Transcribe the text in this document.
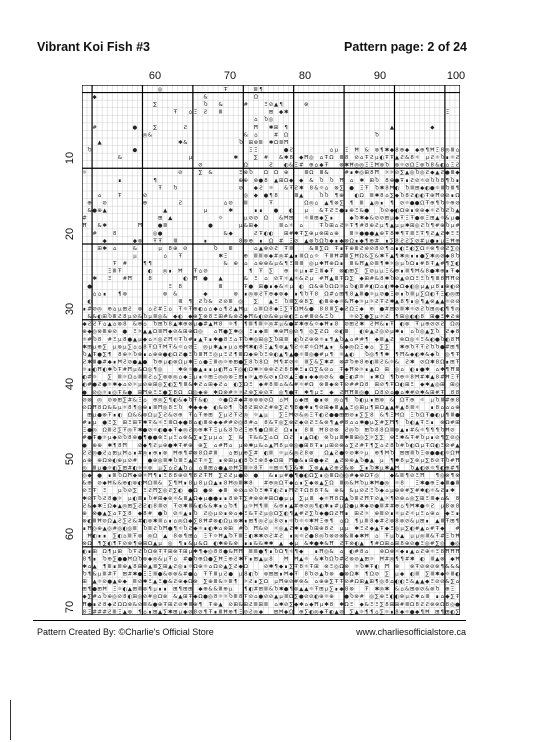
Vibrant Koi Fish #3	Pattern page: 2 of 24
60	70	80	90	100
10
20
30
40
50
60
70
◎	Ŧ	Ⅲ ¶
◆	&	Ω
∑	Ⴆ &	#	Ξ ⊘ ▲ ¶	⊗
Ŧ ⌂ Ξ Ƨ Ⅲ	⊞ ◆ ✱	Ξ
⌂ Ⴆ ◎
#	●	∑	Ƨ	Ħ ✱ ⊞ ¶	▲	◆
◎ &	& ⌂	# Ω	Ⴆ
▲	✱ &	Ⴆ ⊞ ⊗ Ⅲ ✱ Ω Ⅲ Ħ
Ⴆ	●	Ξ Ξ	● Ƨ	⌂ µ Ξ Ħ & ⊗ ¶ ✱ ◆ 8 ⊕ ◆ ◆ ⊕ ¶ Ħ Ξ 8 ◎ Ⅲ ⌂
&	µ	✱	∑ # & ✱ 8 ◆ Ħ ◎ ⌂ Ŧ Ω Ⅲ 8 ⊘ ⌂ Ŧ Ƨ µ ◐ Ŧ Ŧ ▲ Ƨ & 8 ☼ µ Ƨ ☼ Ⴆ ∎ ☼ Ƨ
⊘	Ω	Ƨ ◐ & Ξ # ⊕ ⌂ ◆ Ŧ ⊗ ✱ Ħ ◎ ◎ Ξ Ξ Ħ ⊗ Ⴆ ⊗ ☼ ⊘ Ω Ξ ⊗ Ⴆ 8 & ◐ ⌂ Ξ Ƨ
☼	⊘	∑ &	Ξ ⊗ Ⴆ Ω Ω ⊕	Ⅲ Ω Ⅲ &	# ∎ ✱ ◎ ⊞ 8 Ħ ☼ ☼ ⊘ ∑ ▲ ◎ Ⴆ ◎ Ƨ ◆ ▲ Ƨ ● Ⅲ ◆
∎	¶	⊕ ⊕ ⊗ ● 8 ▲ ⊞ Ω ◆ ◆ & Ⴆ Ⴆ Ħ ⌂ ✱ ⊞ Ⴆ 8 ⊕ ● Ŧ ∎ Ƨ ⊘ ☼ ⊘ Ⴆ Ⴆ 8 ¶ Ⴆ ∎
Ŧ Ⴆ	⊘ ◆ Ƨ ☼ & Ŧ Ƨ ✱ 8 & ☼ ⌂ ⊗ ∑ ● Ξ Ŧ Ⴆ ✱ 8 Ħ ◐ Ⴆ Ⅲ ⊞ ◆ ◐ ● ☼ Ⅲ Ⴆ Ⅲ ¶
⌂	Ŧ	⊘	◎ ◆ ● ¶ 8	Ⅲ ▲	Ⴆ Ⴆ ¶ ⊕ ◐ Ω Ⅲ ✱ 8 ⌂ ∑ ◆ Ⴆ 8 Ƨ ◐ ◐ Ŧ ⊕ Ħ ⊘ ⊘ ∎ Ω
⊕ ⊘	⊕	Ƨ	⌂ ⊘ Ⅲ	Ŧ	Ω ◎ ⌂ ▲ ¶ ⊗ ∑ ¶ Ⅲ ▲ ◎ ∎ ¶ ⊘ ☼ ● ● Ω Ŧ ⊕ ¶ Ⴆ ☼ ⊕ ⊘
& ● ⊕ ▲	▲	µ	✱	∎ ∎ ● ◐ µ & Ŧ Ƨ Ξ ● ∎ ⊕ Ξ & ● Ⴆ ⊘ ◆ ◐ Ω ⊕ ∎ ⊗ ⊕ ◆ ☼ Ƨ Ⴆ Ƨ Ⴆ ▲
#	⊞ ▲	☼	µ ⊘ ⊘ Ω & Ħ ⊞ ☼ Ⅲ ⊞ ◆ ∑ ∎	◆ Ⴆ ✱ ◆ & ⊘ ⊘ ⊞ µ ◆ Ŧ Ξ Ŧ ● ⊗ Ξ ⊞ ▲ ☼ & µ ●
Ħ & ✱	Ħ	● Ⅲ	●	µ & ⊞ ◆	Ⅲ ⌂ ☼ ⌂	Ŧ Ⴆ ⊞ ⌂ Ƨ ☼ Ŧ ¶ # 8 ⊕ Ƨ µ ¶ ▲ µ µ ✱ ⊞ ◎ Ƨ Ⴆ ¶ # ⊕ Ⴆ µ #
#	8	◎ ●	& ◆	Ƨ Ŧ ◐ ◐ ⊞ # ✱ Ŧ ∑ ⊕ µ ⊗ ⊞ ⌂ ⊕ Ⅲ ☼ ● ● ● ▲ ⊕ Ŧ 8 ✱ ¶ Ŧ Ⅲ Ξ Ŧ ¶ Ƨ ▲ Ƨ ✱ Ξ Ξ
◆	◆ ⊗ Ŧ Ŧ Ⅲ	∎	8 ⊗ ⊕ ∎ Ω # Ξ ⊘ ▲ ⊗ Ⴆ Ω Ⴆ ◆ ∎ ◆ ⊗ Ω ∎ ◆ ¶ ⊕ # ∎ ∑ 8 Ƨ Ƨ ∑ ⊘ # µ ● ∎ µ Ξ Ħ ⊕
⊞ ✱ ⌂	&	µ 8 ⊕ ⊘	Ⴆ Ⅲ	⌂ ▲ ⊗ ⊘ Ƨ Ŧ Ⅲ	& Ⅲ ∑ Ω Ŧ ∎ Ŧ ⊕ Ⅲ Ƨ ⊗ ⊘ 8 ⊘ ¶ ⌂ ∎ ◐ Ξ ◐ ∑ Ω ☼ ⊗ ¶ ⊘ Ƨ ∑ ◎
µ	⌂ Ŧ	✱ Ξ	⊕ Ⅲ Ⅲ ⊗ ◆ # ◎ # ▲ ∎ Ⅲ Ω ⌂ ☼ Ŧ Ⅲ Ħ # Ⅲ ∑ Ħ Ω & ∑ & ✱ Ŧ ▲ ¶ ✱ ◎ ∎ ∎ ● ∑ ✱ ◎ ⊘ ◆ 8 Ⴆ
Ŧ #	¶ ¶	& ⊕ ⌂ ⌂ ⊕ ⊕ & µ & ¶ Ξ Ⅲ Ⅲ ◎ µ ✱ Ħ ⊕ Ω ∎ Ⅲ & Ħ ▲ ⊘ Ⅲ ¶ ✱ ☼ ◎ µ Ⴆ Ω ∎ # 8 Ŧ ▲ # ¶ ∑ ◐
Ξ Ⅲ Ŧ	◐ ◎ ∎ Ħ Ŧ ⌂ ⊘	¶ Ŧ ∑ ⊕ ☼ µ ∎ # Ξ Ⅲ ◆ Ŧ ⊗ ◐ ⊞ ∑ ∑ ⊘ µ µ Ξ & ⊕ ∎ Ⅲ ¶ Ħ & 8 ● ✱ ⊕ ∎ Ŧ ◆
✱ Ξ # Ħ	8	◐ Ħ ● ▲	& Ξ ⌂ ⊘ Ŧ ☼ ▲ ☼ & Ƨ µ # Ħ ▲ Ⅲ Ŧ Ω ∑ ◆ ⊞ # & 8 ✱ Ⴆ ⊘ ▲ ⊘ Ω Ξ Ξ Ⴆ ¶ Ⅲ 8 Ħ Ħ ⊘
●	Ξ 8	Ⅲ	Ŧ ● ⊞ ● ∎ ◆ & ☼ µ ◐ Ω & ⊕ Ⴆ Ω Ω ☼ ⌂ Ⴆ ◐ Ⅲ # ◐ Ω ⌂ ◐ ✱ ◆ Ω ◆ ◐ ◎ µ ▲ µ 8 ∎ ⊕ ◐ ⊘
⌂ ⌂ ∎ ¶ ⊗	⊗ &	◆	⊗ ∎ ◎ ⊗ Ƨ Ŧ ⊕ ◆ ⊗ ◆ ∎ ¶ Ⴆ Ŧ 8 Ω # ⌂ ⊞ ¶ 8 ▲ Ⅲ ● ☼ µ ⊘ ● Ξ ⊗ ∎ Ⴆ Ⅲ µ ∑ Ω ◐ Ŧ Ξ ◐ ◎ ⊞
◐	Ⅲ ¶ Ƨ Ⴆ & Ƨ ⊘ Ⅲ ◎ ∑ ▲ Ξ Ⴆ Ⅲ ∑ ⊗ 8 ∑ ◐ Ⅲ ⊕ ◆ ☼ & Ħ ◆ ☼ µ ☼ Ƨ Ŧ Ƨ ✱ ▲ 8 ¶ ∎ ◎ ¶ ▲ ⊗ ▲ ▲ ☼ ⊘ ⊘
∎ # ⊘ ◎ ⊕ ⌂ µ ⊞ Ƨ ⊗ ⌂ Ƨ # Ξ ⌂ Ŧ ☼ Ŧ ⊕ ◐ ⌂ ⌂ ◆ ⌂ ¶ Ƨ ▲ Ħ µ ⌂ Ⅲ Ω 8 ◆ Ξ ∑ Ŧ Ω Ħ & ● 8 8 Ⅲ ∑ ◆ Ƨ Ω Ξ ◆ ⊕ ● # ⊞ ⊘ Ⅲ ✱ ☼ ⊘ Ƨ Ⴆ ⊞ ◎ ◐ ¶ ¶ ◎
& & ◐ ⊞ Ⴆ Ⅲ Ƨ 8 µ ⊘ & Ⴆ µ Ⅲ ◎ & ◆ ◐ ◆ ⊕ ∑ ⊗ 8 Ξ ⊞ # & ⊗ Ƨ ◆ Ħ & ◐ ⊘ & ⊕ µ ⊕ ◐ Ξ ⌂ # Ⅲ ⊘ & Ξ Ⴆ	☼ ⊘ ∑ ● ∑ µ ☼ Ƨ ¶ ⊞ ◎ ◐ ◐ 8 ⊞ ● Ξ ✱ Ƨ ⊕
◆ Ƨ Ƨ Ŧ ⌂ ▲ ⌂ ⊗ 8 & ⊕ ⌂ Ⴆ ⊞ Ⴆ 8 ▲ ✱ ⊕ ⊗ µ ● # ▲ Ħ 8 ☼ ¶ ¶ Ⅲ ¶ Ⅲ ☼ ◎ # µ & ● # ✱ ⊕ & ☼ ◆ Ħ ∎ 8 ⊘ ⊞ Ƨ ✱ Ƨ Ħ & ∎ Ŧ ◐ ⊗ Ŧ µ ⊕ ⊘ ⊘ Ƨ Ω ◎
⊕ ◆ ◎ ⊗ Ⅲ ⊕ ⊘ ● Ξ ☼ ▲ ▲ Ω Ⅲ Ħ ◆ ⊘ & ⊞ ⊕ Ω ◎ ⌂ Ħ ● ∑ ✱ ◎ Ξ ∎ ◆ Ⅲ ✱ ⊕ Ħ ◎ ⊘ ¶ ◎ ∑ Ƨ Ω ⊘ ◐ Ⅲ ◐ ⊕ ▲ Ƨ ◎ ⊘ µ ✱ ∎ ⌂ Ⴆ ◎ ▲ ∑ Ⴆ Ƨ ◆ 8
☼ # Ⴆ 8 # Ξ µ 8 ● ▲ µ ◆ ⌂ ☼ ◎ Ƨ Ħ ☼ Ŧ Ⴆ # ∎ ▲ Ŧ ∎ ✱ ● 8 Ξ ⌂ Ŧ Ⴆ ✱ ◎ ⊞ ◎ ∑ Ⴆ ⊞ Ⅲ ◐ Ⴆ Ƨ ⊕ ⊗ ☼ ∎ ¶ ▲ Ⴆ ▲ ⌂ # # ¶ ◆ Ⅲ ▲ Ƨ ⊗ Ω ◎ ☼ Ξ & ◐ ● Ⴆ ◐ 8 Ħ
✱ ⊞ µ ⊕ ∑ µ ⊗ µ ∑ ⌂ ⌂ 8 Ŧ Ω Ŧ Ħ Ŧ & ☼ ⌂ ⊘ Ξ ◎ µ ✱ ▲ ∎ µ ⌂ ⊕ Ħ ✱ ◐ 8 Ξ ▲ ¶ ⊗ ▲ ¶ Ƨ ☼ # ☼ Ω Ħ ▲ ∎ & ◆ ◎ Ω Ξ ◆ ⌂ ∑ ∑ ✱ ⊕ Ⴆ Ŧ Ŧ Ƨ Ⴆ Ⴆ ● # ⊞ ¶
Ⴆ ▲ Ŧ ● ∑ ¶ 8 ⊕ ☼ Ⴆ ⊗ ∎ ⌂ ⊕ ⊕ ● ◐ Ω Ƨ ● Ξ Ⴆ Ⅲ Ħ Ξ ◎ µ Ξ Ƨ ¶ Ⅲ Ω ◆ ⊕ Ⴆ Ξ ⊗ ◐ ▲ ¶ ▲ ● ☼ Ⅲ ◎ ● # µ ¶ ☼ ▲ ◐ Ⴆ ◎ ¶ ¶ ✱ ¶ Ħ & ◆ ◐ ✱ & ◆ Ⴆ ◎ ¶ Ŧ
Ƨ ✱ Ⅲ ● # ◆ ∎ Ħ Ƨ ⊘ ● ▲ ● Ⴆ ⊕ µ ◐ ⊗ Ω µ ✱ Ξ ⌂ ● Ξ Ⅲ ◎ ☼ ⊕ ⊞ ● ∑ 8 Ⴆ 8 Ω Ħ ¶ # ⊘ ☼ Ⅲ ∑ & ∑ ✱ # ⊗ # Ⴆ ⊕ 8 ⊕ ◐ Ⅲ Ƨ & ☼ & Ƨ ✱ ⊘ Ω ✱ 8 Ω ∎ ⊞ Ŧ
☼ ∎ ◐ Ħ ◐ ✱ Ⴆ Ŧ # Ħ µ & Ω ◎ ¶ ◎	✱ ⊗ ☼ ● ▲ ∎ ∎ µ ◐ Ħ ⌂ Ŧ ◎ ◐ Ω ✱ ☼ ⊗ ⊗ Ƨ Ƨ 8 8 ✱ Ξ ∎ Ω ∑ & ⊘ ⌂ Ŧ ◆ Ħ ⊗ ☼ ∎ ▲ Ω ⊞ ◎ ⌂ ◐ ∎ ● ✱ ⌂ ✱ ¶ Ħ Ⅲ
◐ # ☼ ∑ Ⅲ ☼ Ω ⌂ Ⅲ Ⅲ Ƨ ⌂ ∑ ⊗ ⊗ ◎ ⌂ ◆ Ξ µ ∎ ☼ ⊞ Ξ ◎ ◎ ⊗ Ξ ⊞ ∎ ☼ ▲ ⊕ & ⊘ ∎ Ω ⊘ ▲ Ξ ● ∎ ◆ ◆ ◎ ⊘ & ● Ξ ◐ # ☼ ∎ ✱ Ω ¶ Ⴆ ⊕ ☼ 8 Ħ # ✱ ▲ 8 # Ħ Ξ Ŧ
◐ # ● Ƨ ● ☼ ✱ ◆ ⌂ ⊘ ☼ µ ⊘ ⊕ ⊞ ◎ ∑ ◐ ∑ ¶ Ⅲ & ✱ Ƨ ⌂ ⊞ ◆ Ƨ ⌂ ◐ ∑ Ω Ξ ◆ # 8 Ⅲ ⌂ & & # ☼ # Ω ⊗ Ⅲ ◆ ⊗ Ŧ ⊘ # # Ω 8 ⊞ ⊘ ¶ Ŧ Ω ◐ ⊞ Ξ ◆ ✱ ▲ ◎ ⊞ ⊞ ◎
● ⊘ ◎ ☼ ∎ ◎ Ŧ & ● ⊞ Ħ ⊕ Ξ Ξ ● ∑ 8 Ω Ω ◎ ◆ ⊕ ✱ Ω ⊗ # ☼ ☼ Ƨ ⊗ ∑ ⊕ ⊘ Ŧ ◎ ¶ ● Ŧ ✱ ¶ µ Ξ ◆ Ƨ Ħ Ħ Ⅲ ◎ ● Ω 8 ⊘ ⌂ ● ⌂ ✱ # ⊘ ✱ & ⊞ # Ŧ 8 8
⊘ ⊗ ◎ ⊘ ⊗ ⊞ ∑ # & Ξ ⌂ ⊕ ◎ ∑ ¶ ◐ & ◆ Ⴆ Ŧ & ◐ ☼ ● Ω # ◆ # ⊗ ⊗ ⊗ ⊘ Ω ⌂ Ħ ⌂ ◆ ⊞ ● ∎ ⊗ ◎ ⌂ ¶ Ⴆ ◐ µ ∎ ⊞ ⊗ & Ω Ŧ ⊕ ☼ µ Ⴆ Ⅲ # ⊕ 8
⊘ Ω Ħ 8 Ω & & µ ☼ 8 ¶ ◎ ⊕ ∎ Ⅲ Ħ ◎ 8 Ξ Ⴆ ✱ ◆ ◆ ◆ ◐ & ⊘ ¶ Ⴆ 8 Ƨ ⊞ ⊘ Ƨ # ⊗ ∑ Ƨ ¶ 8 ● ✱ ∎ ¶ ⊘ ⊞ ◆ Ⅲ ▲ ▲ Ξ ◎ ⊞ µ ¶ ⊞ Ω ▲ ▲ # ▲ 8 Ⅲ ☼ ∎ 8 ⌂ ⌂ ⌂ ⊕
⊞ µ ● ⊗ Ŧ ∎ ◐ Ω & & ⊗ Ω µ ∑ Ƨ & ⊘ ⊕ Ŧ ⌂ Ŧ ⊕ ⊞ ∑ µ Ƨ Ŧ Ƨ ◎ ☼ ▲ µ ∑ Ξ Ħ ⊘ & ◎ Ξ Ŧ ◐ Ƨ ● ● ⊞ ⊞ ⊘ ∎ ∑ ∑ 8 & ¶ Ξ Ħ Ω Ξ Ⴆ Ω Ŧ ● ◐ µ ¶ Ⅲ ●
# ∎ µ ● Ξ ∑ ⊞ Ξ ⊞ Ŧ ✱ Ŧ & ☼ Ξ Ⅲ Ω ◆ ● 8 ⌂ ◐ Ⅲ ⊗ ◆ ◆ # # ⊘ ◎ 8 # ⌂ 8 & Ŧ ◎ ∑ ⊗ Ƨ ◆ ⊘ Ƨ Ξ & ⊗ ¶ ▲ # 8 ⌂ ⌂ ✱ ● µ ∑ # ∑ Ħ ¶ Ⴆ ◐ ▲ Ŧ Ξ ∎ ⊗ Ω # ⊞
Ξ ● ◎ Ω Ⅲ Ƨ ∑ Ŧ ◎ Ŧ ✱ ● ⊘ ☼ ◐ ● ◆ Ŧ ◆ ◎ Ƨ ◎ ⊕ ✱ Ŧ Ξ µ & 8 Ⴆ Ƨ Ξ ⊕ ¶ ● Ω Ⅲ Ƨ Ω ∎ ∎ 8 Ⅲ Ħ 8 ⊘ ⊗ Ƨ ◎ Ⴆ ⊞ Ⴆ 8 8 Ω Ⅲ ⊗ ▲ ∎ # & ☼ ¶ ¶ ¶ Ⴆ Ħ ⊘
# ● Ŧ ● ☼ µ ◆ ⊘ Ⴆ 8 ⊗ ● ¶ ● ● ⊗ Ξ µ Ξ ⌂ ⊗ & ∑ ∎ ∑ µ µ ⌂ ∑ & Ŧ & & ∑ ⌂ Ω Ω Ƨ ∎ ▲ Ω ◐ ⊗ Ⴆ µ Ⅲ ✱ Ⅲ ⊞ ◎ ∑ ☼ ∑ ∑ ⊕ Ξ ✱ & Ŧ # Ⴆ µ ∎ ⊘ ¶ ∑ ⊘ ◎
● ⊕ ⊕ ✱ ¶ 8 Ħ ⊘ ◆ ¶ Ƨ µ ⊕ ● ✱ Ŧ # ⊕ ⊕ ∑ ⌂ # Ħ ⌂ µ ⊗ ✱ µ & ⌂ ▲ Ħ 8 µ ⊗ ◎ ● ⊞ 8 Ŧ ∎ µ ⊞ ⊘ ⊗ ⌂ ∑ Ƨ # Ŧ ¶ ∑ ⌂ Ƨ 8 Ⴆ # Ⴆ ◐ Ω µ Ŧ Ω ◐ Ξ ⊘ # ▲
Ƨ Ƨ ◎ ● Ƨ ⌂ ⊞ µ Ħ ⌂ ∎ # ◎ ∎ ⊕ ∎ ⊗ Ħ ⊕ ¶ # ⊗ 8 Ω # Ⅲ ⌂ ⊞ µ ⊕ ∑ # ◐ Ⅲ ☼ µ & ◎ Ƨ 8 ⊗ Ω ▲ Ƨ ● ☼ ⊘ ✱ ☼ µ ⊕ ¶ Ħ Ⴆ ⊞ ⊞ Ⅲ Ⴆ Ξ ⊗ ● ● ◐ ☼ Ω Ħ
⌂ ⊕ ⊕ Ω ⊗ ◐ ⊕ µ ⊘ # ● ⊕ ◎ Ⅲ ✱ Ⴆ Ⅲ Ξ ▲ Ƨ Ŧ ☼ ∑ ∎ ⊗ ⊞ µ ◐ 8 Ⴆ Ξ ⊗ 8 ◆ Ω ⊞ Ħ ● & ∎ ⊞ ● ◆ Ƨ ▲ Ƨ ⊗ ⊕ ▲ Ⴆ ● ▲ µ ¶ ✱ 8 µ ∑ ⊗ µ ∑ 8 ⊘ Ŧ Ⴆ # Ħ
◎ Ⅲ µ ● ☼ ◐ ∑ ⊞ # ◐ ☼ ☼ ⊗ µ ∑ ⌂ Ƨ ▲ Ⴆ ⌂ ⌂ Ⅲ ⊞ ⌂ ● ▲ ⊘ Ħ ∑ Ⅲ ☼ 8 Ŧ ☼ ⊞ ☼ ¶ ∑ & ✱ ∑ ⊗ ▲ ▲ Ƨ ⊕ Ƨ & ⊗ ∑ ∎ Ⴆ ✱ µ ✱ ▲ Ħ Ⴆ ▲ ◐ ⊗ ☼ ¶ ◐ ⊕ # ¶
◎ ◆ ● ∎ Ⅲ Ⴆ Ω Ħ ◆ ⊕ ☼ Ħ ¶ ∎ Ξ 8 8 ⊕ ⊘ ¶ 8 Ƨ Ŧ Ħ ∑ Ƨ Ƨ µ ● ⊘ ● & ∎ µ # ● ¶ ● ◐ Ω ∑ ∎ ◎ Ⅲ Ω ◎ ◎ # ◆ ⊗ Ω Ŧ ◎ ◆ & Ⅲ ¶ ⊘ Ξ Ħ ¶ ◎ ⊗ ¶ ⊗
& ⊕ ⊘ ◆ Ħ & & ⊕ ◐ ⊗ ◐ Ħ Ω Ⅲ & ∑ ¶ Ħ ∎ 8 µ 8 µ Ω ▲ ∎ 8 Ħ ◎ Ⅲ ✱ 8 # ⊕ ◎ Ω Ŧ ◆ ⌂ ∎ ∑ ◆ ⊗ ▲ ∑ Ω Ⅲ ◎ & Ħ Ⴆ µ ✱ Ħ ● ◎ ☼ 8 Ξ ✱ ● ⊕ Ξ ◆ Ⅲ ● Ⅲ
⊘ Ξ Ŧ Ξ µ Ⴆ ⊘ ∑ Ξ Ƨ Ħ ∑ ◎ Ƨ ∑ ◐ ● Ω ● ⊗ ◆ Ⅲ ⊗ ⊘ ⌂ ⊘ Ⴆ Ξ ✱ Ŧ ◐ Ƨ ∎ Ħ Ƨ Ŧ Ω 8 8 Ŧ & ⊕ & & µ ⊘ Ƨ Ξ Ⴆ ◆ ⌂ µ ⊕ ⊗ # ∑ # ✱ ◐ ☼ & Ƨ ∎ ✱
✱ ⊘ Ŧ Ⴆ Ƨ 8 ● ☼ µ ◐ Ⅲ ∎ Ⴆ # ⊞ ◆ ⊗ ☼ & Ⅲ ▲ Ω ◆ µ ● ● ∎ ∎ 8 ⊗ Ŧ ∑ # ⊗ ⊗ # ⊞ Ω ● µ µ ∑ µ Ⅲ ◆ ☼ Ħ 8 Ω ▲ Ⴆ Ⅲ Ƨ Ħ Ŧ ⊘ ▲ ☼ ¶ ⊘ ⊕ ⌂ ◎ ∑ ⊞ Ξ Ⅲ ◆ ⌂ & 8
Ƨ & ◆ ✱ Ξ Ω ◆ ▲ ◎ ⊞ ∑ Ƨ Ƨ ◐ 8 Ⅲ ⊘ Ŧ ⊘ ✱ Ⅲ & ◐ & & ✱ ∎ ⌂ Ⴆ ¶ µ ☼ Ħ ¶ Ⅲ & ⊕ ∎ ▲ # ⊕ ⊘ ◎ ¶ ◐ ✱ ∎ # µ Ω ● µ ✱ ◆ ⊘ ● Ⅲ # # ⊕ ⌂ ¶ Ħ ✱ ● ☼ Ƨ µ 8 ⊗ 8
⊕ ⊗ ● ▲ ∑ ⌂ Ŧ ∑ 8 ◆ 8 # ● Ⴆ ⊘ ☼ ▲ ∎ Ⴆ Ƨ ◎ µ ⊘ ∎ ⊗ ⌂ ◆ Ξ & Ŧ Ƨ µ ◎ Ω ∑ ◐ ¶ ▲ # Ƨ ∑ Ⴆ ◆ ● Ω Ƨ Ħ ∎ ⊞ Ƨ ☼ ⊕ Ⅲ ⊘ ∎ ☼ µ Ƨ ☼ µ Ξ ⌂ ⊕ ⌂ ◆ Ξ ∎
⊗ ◐ Ⅲ Ħ ⊘ Ω ▲ Ƨ ∑ Ƨ & # ◐ ⊗ ✱ Ⅲ ⌂ ∎ ⌂ ◎ Ω ◆ ∑ 8 Ħ # ⊗ ◐ Ω µ ⊗ ✱ ∎ ⊞ ¶ ◎ Ƨ µ 8 ⊘ ∎ ☼ Ⴆ ☼ ☼ ✱ Ħ Ξ ⊕ ¶ ⌂ Ω ¶ µ Ⅲ 8 ◆ # Ƨ ⊗ 8 ⊗ ⊘ & µ ⊞ ∎ ▲ Ⅲ Ŧ ⊞ ¶
∎ Ħ ◎ ⊕ ▲ ◎ # ◎ ◐ ◎ Ⅲ Ⴆ Ⅲ Ƨ Ⴆ Ħ ● ¶ ☼ Ⴆ Ƨ ◆ ☼ ∎ ◐ ✱ ⌂ ⊗ ⊞ # Ⴆ Ħ & ⊘ ☼ ◎ ▲ Ƨ ✱ ∎ ● Ⴆ ⊞ ⊕ 8 Ƨ µ µ ✱ Ξ Ƨ ◆ ▲ Ŧ ◆ Ξ ◎ µ ∑ ◐ # ▲ ⌂ # Ŧ ◆ #
Ħ ◐ ∎ ∎ ∑ ◐ ⌂ Ⅲ Ŧ ⊗ ◎ Ω ▲ 8 ⊗ ¶ ⊞ ⌂ Ξ Ŧ ☼ Ħ ▲ Ⴆ Ŧ Ⅲ Ξ ◐ ✱ ✱ ⊘ Ƨ # Ƨ ∎ ◎ ☼ Ƨ ● 8 ◎ Ⴆ ⊗ ⊘ ⊗ & Ⅲ ◆ ✱ Ħ ⌂ Ŧ µ Ⴆ ▲ µ µ ◎ Ⅲ & Ŧ # Ξ Ⴆ Ħ
⊗ Ω ¶ ∑ ◐ ¶ Ŧ ⊘ ⊗ ¶ ⊕ ⊞ Ω ▲ µ ◎ ¶ ∎ & µ & Ω ◐ ✱ ⊕ & ⊗ ∎ ∎ & & ✱ ✱ ▲ ◆ µ & ✱ ● ✱ & Ħ Ƨ Ŧ ⊗ ◐ ▲ ¶ # Ω ⊞ ⌂ ⊞ 8 ⊕ ⊘ ● Ξ ◎ # ∑ ◎ ● ◎
◐ ∎ ⊞ Ω ¶ µ ⊞ Ⴆ Ŧ Ƨ Ⴆ Ω ⊗ Ŧ Ŧ ⊞ ⊗ Ŧ ⊞ µ ✱ ¶ ◆ ◎ 8 8 ● & Ħ Ħ Ⅲ Ⅲ ● ¶ ∎ Ⴆ Ω ¶ ☼ ¶ ◆ ∎ Ħ ◎ & ⌂ ◐ # 8 ⌂ ⊗ Ω ⊗ ☼ ◆ ∎ ▲ ⌂ Ƨ ⊕ ☼ Ξ 8 Ħ Ħ Ħ
8 ¶ ∎ Ⴆ ⊕ ∑ ● ● Ħ Ω Ⴆ ⊗ ◆ ◎ & µ Ŧ ⌂ # ● Ⴆ ⊕ Ω ● ∑ Ħ Ξ ⊕ Ƨ ✱ Ŧ ∎ ⊞ ▲ µ 8 Ħ Ħ ▲ ☼ & ✱ Ⴆ Ω Ⴆ # Ƨ ⊗ ⊘ ▲ ⊞ ☼ Ħ # ◎ ¶ ¶ # ✱ ◐ Ⅲ ▲ ⊗ ◆ Ħ
✱ ⌂ ▲ ¶ Ⅲ ∎ Ⅲ ⊕ ▲ 8 ⊞ ⊕ ▲ Ⅲ ∑ ⊞ ▲ Ƨ ◎ ∎ ☼ Ω ⊕ ☼ ⌂ Ω ⊘ ▲ ∑ Ƨ ◆ Ω	⊘ ✱ ¶ ◆ ∎ ∑ Ŧ 8 ☼ Ŧ ⊞ ⊗ Ξ ◎ Ω ⊗ ☼ Ⴆ ✱ Ŧ ◐ Ħ ⊗ ⊗ Ŧ ⊘ ⊗ ⊘ ⊗ ¶ & & &
Ⴆ ¶ & µ Ⅲ # Ŧ ⊞ # ✱ ● Ξ Ξ Ⅲ ● & ⊗ ⊗ & # ● ⌂ Ŧ Ŧ Ⅲ µ Ƨ ● µ 8 ◐ Ⴆ ⊗ ⊞ ⊞ ∎ Ħ ◆ Ŧ 8 Ⴆ ⊘ ▲ Ⴆ ⊗ ● ⊗ Ω ✱ ¶ Ω ⊘ ∑ µ ◆ ◐ Ⅲ ∑ Ⅲ ✱ ◆ ☼ Ⅲ ◐
⊞ ▲ ☼ ⊘ ● ▲ ⊕ ◆ Ⅲ ⊘ ✱ Ξ ▲ Ξ ● & Ƨ ⊕ ◆ Ω ⊗ ∑ ⊕ Ⅲ & ☼ Ⅲ ¶ ☼ Ƨ ∎ ∑ Ω µ Ħ ⊕ ⊘ # ⊗ & ⌂ ⊕ ⊕ ∑ Ŧ Ŧ ⊘ # Ω ⊞ ▲ ⊞ ¶ ◎ 8 ⌂ ◐ ◐ Ξ & ▲ ▲ ◆ Ξ ⊘ ⊘ & ∑ ⌂
⊞ ¶ ● ⊞ Ħ Ξ ☼ ◐ ▲ ⊞ Ⅲ ⊗ ¶ µ ∎ ∎ ⊞ ¶ ⊞ ⊞ ◆ ⊕ & & Ⅲ ⊕ µ ¶ ◐ # ⊞ Ⅲ & Ⴆ ✱ ● ¶ ⊗ ▲ ▲ ☼ Ŧ ⊞ µ ∑ ∎ ◆ 8 ⊗ Ŧ ✱ ◎ ✱ & ⌂ & ⊞ ⊗ ⊘ & ⊗ Ⴆ ⊕ Ξ
◆ ∑ # ⌂ Ⴆ ⊕ ◎ ⊘ 8 ◐ ⊞ ◎ ⊘ # ◎ Ω ⊗ & ▲ ⊞ Ŧ ◆ Ω ● ◎ 8 ☼ ☼ Ⴆ Ⅲ 8 Ŧ ⊘ ⌂ ● ⊘ ⊘ ▲ µ Ⅲ Ω ∑ ● ⊘ ⊘ ◐ ⊕ ☼ ⊕ ● Ⴆ ⊗ # ◎ ∑ ⊕ Ξ ◐ ◐ ⊗ µ Ƨ ✱ ⌂ Ⅲ ∎ ⌂ ◆ ∑ Ŧ
Ħ ● ∎ Ƨ 8 ◆ Ƨ Ω Ω ⊗ & ⊘ Ⅲ & ● ⊕ Ŧ ⊞ Ƨ ⊘ ✱ Ⅲ ⊕ ¶ Ŧ ⊕ ▲ ⊘ ⊞ & ⊞ Ƨ Ⅲ ⊞ Ⅲ ⌂ ✱ ⊘ ∑ ◆ ✱ ⌂ ◆ Ħ µ ✱ 8 ✱ Ω Ξ ◆ & Ξ Ξ ∑ 8 ⊞ ⊞ # Ⅲ Ω 8 Ƨ Ƨ ⊗ ⊗ Ω 8 ◎ ●
8 Ξ # # # Ƨ Ⅲ Ξ ▲ ⊗ ¶ ⌂ ∎ ⊞ ▲ ∑ ✱ ⊞ µ ◆ ⊘ 8 ⊘ ¶ Ŧ ∎ Ⅲ Ħ ⊕ ¶ Ξ ⊘ Ƨ ◎ ◆ ⊞ Ħ ◆ Ω ⊕ ∑ ◐ ◎ ◆ Ŧ ◐ ▲ ⊘ ∑ ▲ ☼ ¶ ¶ ⌂ ∑ ☼ ∎ 8 ◆ ☼ ● ◆ ¶ Ħ ⊞ ¶ ⊞ ◐ ∑
Pattern Created By: ©Charlie's Official Store	www.charliesofficialstore.ca
